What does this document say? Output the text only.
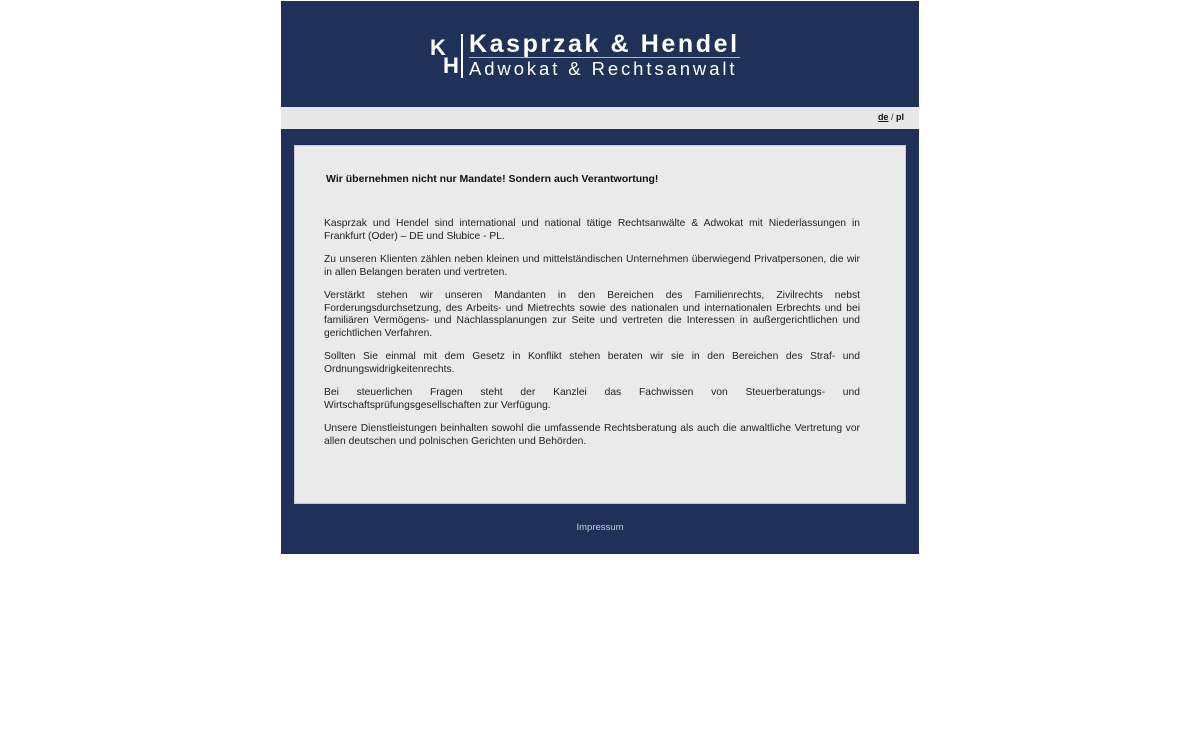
K
H
Kasprzak & Hendel
Adwokat & Rechtsanwalt
de / pl
Wir übernehmen nicht nur Mandate! Sondern auch Verantwortung!

Kasprzak und Hendel sind international und national tätige Rechtsanwälte & Adwokat mit Niederlassungen in Frankfurt (Oder) – DE und Słubice - PL.

Zu unseren Klienten zählen neben kleinen und mittelständischen Unternehmen überwiegend Privatpersonen, die wir in allen Belangen beraten und vertreten.

Verstärkt stehen wir unseren Mandanten in den Bereichen des Familienrechts, Zivilrechts nebst Forderungsdurchsetzung, des Arbeits- und Mietrechts sowie des nationalen und internationalen Erbrechts und bei familiären Vermögens- und Nachlassplanungen zur Seite und vertreten die Interessen in außergerichtlichen und gerichtlichen Verfahren.

Sollten Sie einmal mit dem Gesetz in Konflikt stehen beraten wir sie in den Bereichen des Straf- und Ordnungswidrigkeitenrechts.

Bei steuerlichen Fragen steht der Kanzlei das Fachwissen von Steuerberatungs- und Wirtschaftsprüfungsgesellschaften zur Verfügung.

Unsere Dienstleistungen beinhalten sowohl die umfassende Rechtsberatung als auch die anwaltliche Vertretung vor allen deutschen und polnischen Gerichten und Behörden.

Impressum
